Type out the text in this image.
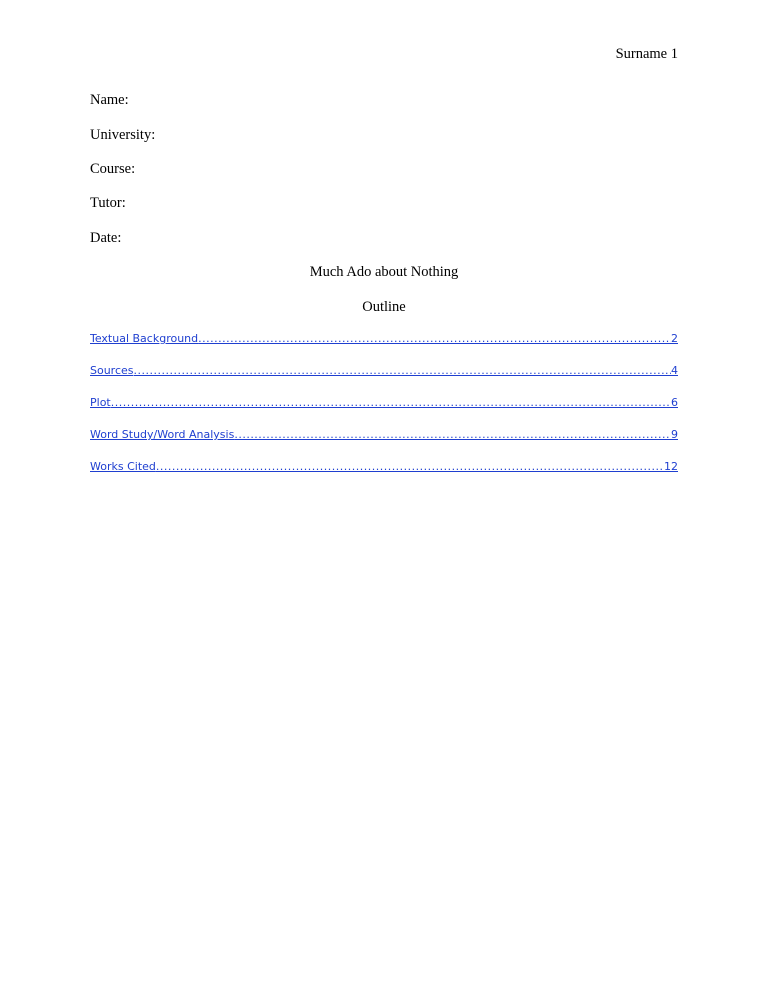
Surname 1
Name:
University:
Course:
Tutor:
Date:
Much Ado about Nothing
Outline
Textual Background .....	2
Sources .....	4
Plot .....	6
Word Study/Word Analysis .....	9
Works Cited .....	12
